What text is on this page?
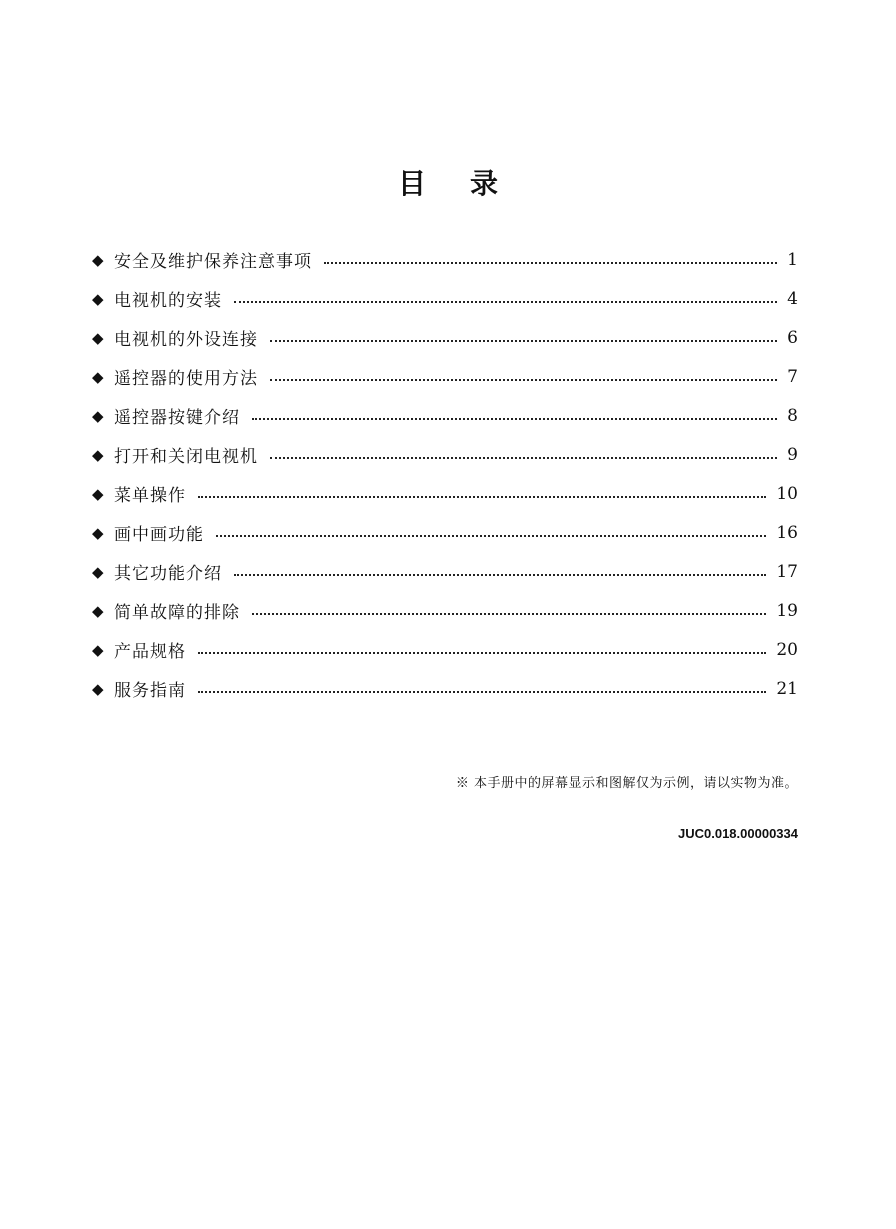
目 录
◆ 安全及维护保养注意事项	1
◆ 电视机的安装	4
◆ 电视机的外设连接	6
◆ 遥控器的使用方法	7
◆ 遥控器按键介绍	8
◆ 打开和关闭电视机	9
◆ 菜单操作	10
◆ 画中画功能	16
◆ 其它功能介绍	17
◆ 简单故障的排除	19
◆ 产品规格	20
◆ 服务指南	21
※ 本手册中的屏幕显示和图解仅为示例，请以实物为准。
JUC0.018.00000334
